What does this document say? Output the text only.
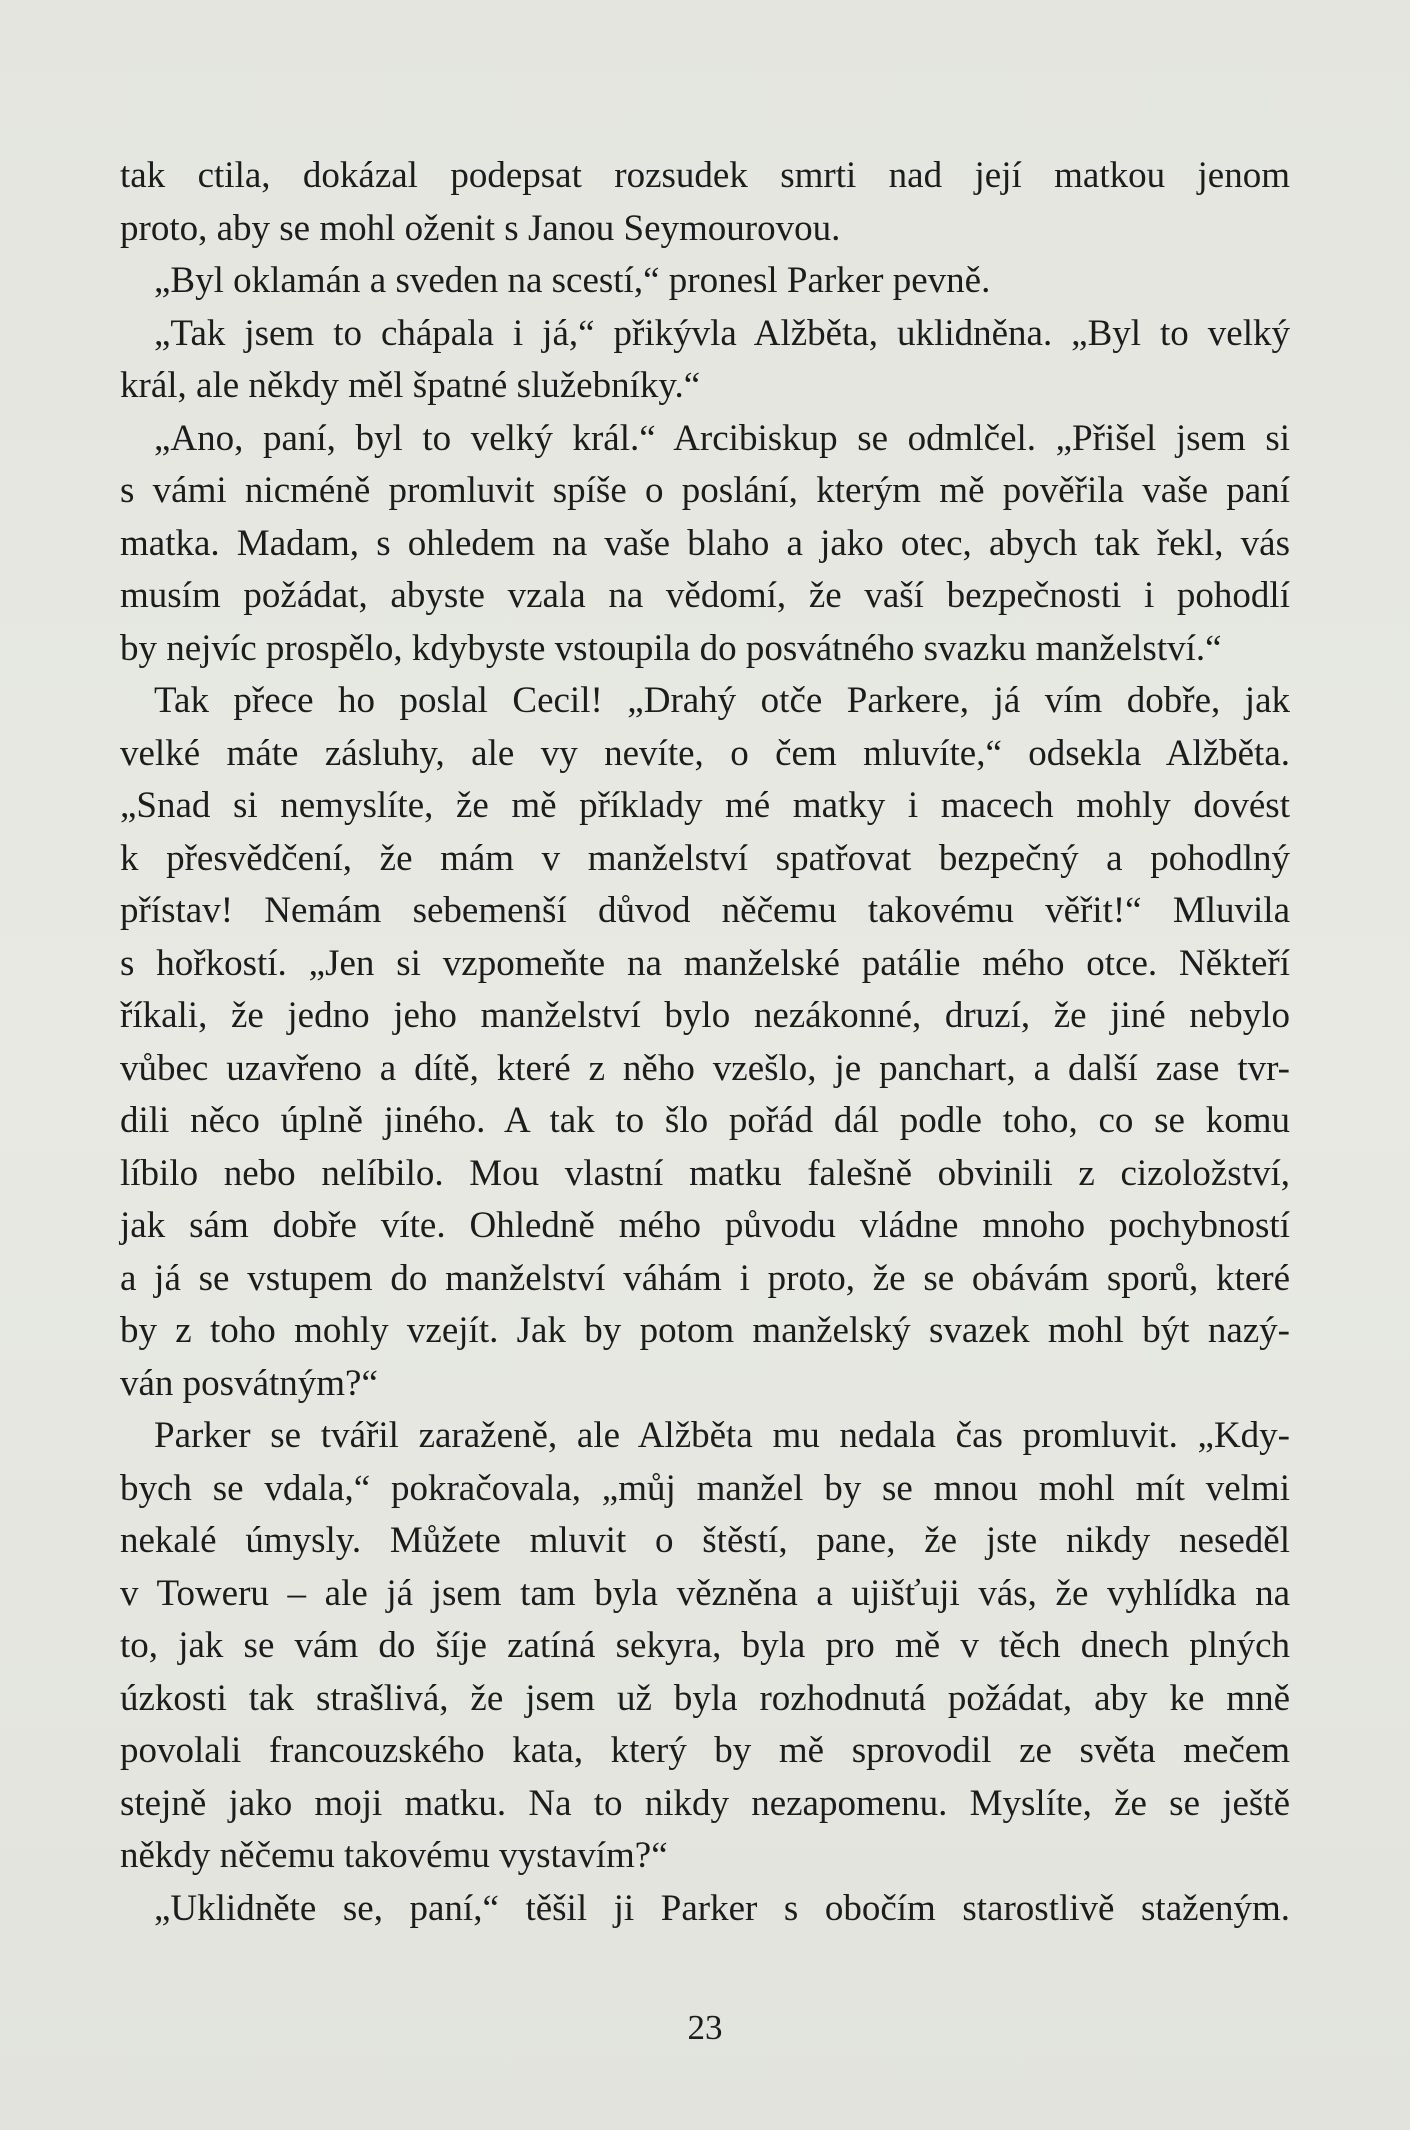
tak ctila, dokázal podepsat rozsudek smrti nad její matkou jenom
proto, aby se mohl oženit s Janou Seymourovou.
„Byl oklamán a sveden na scestí,“ pronesl Parker pevně.
„Tak jsem to chápala i já,“ přikývla Alžběta, uklidněna. „Byl to velký
král, ale někdy měl špatné služebníky.“
„Ano, paní, byl to velký král.“ Arcibiskup se odmlčel. „Přišel jsem si
s vámi nicméně promluvit spíše o poslání, kterým mě pověřila vaše paní
matka. Madam, s ohledem na vaše blaho a jako otec, abych tak řekl, vás
musím požádat, abyste vzala na vědomí, že vaší bezpečnosti i pohodlí
by nejvíc prospělo, kdybyste vstoupila do posvátného svazku manželství.“
Tak přece ho poslal Cecil! „Drahý otče Parkere, já vím dobře, jak
velké máte zásluhy, ale vy nevíte, o čem mluvíte,“ odsekla Alžběta.
„Snad si nemyslíte, že mě příklady mé matky i macech mohly dovést
k přesvědčení, že mám v manželství spatřovat bezpečný a pohodlný
přístav! Nemám sebemenší důvod něčemu takovému věřit!“ Mluvila
s hořkostí. „Jen si vzpomeňte na manželské patálie mého otce. Někteří
říkali, že jedno jeho manželství bylo nezákonné, druzí, že jiné nebylo
vůbec uzavřeno a dítě, které z něho vzešlo, je panchart, a další zase tvr-
dili něco úplně jiného. A tak to šlo pořád dál podle toho, co se komu
líbilo nebo nelíbilo. Mou vlastní matku falešně obvinili z cizoložství,
jak sám dobře víte. Ohledně mého původu vládne mnoho pochybností
a já se vstupem do manželství váhám i proto, že se obávám sporů, které
by z toho mohly vzejít. Jak by potom manželský svazek mohl být nazý-
ván posvátným?“
Parker se tvářil zaraženě, ale Alžběta mu nedala čas promluvit. „Kdy-
bych se vdala,“ pokračovala, „můj manžel by se mnou mohl mít velmi
nekalé úmysly. Můžete mluvit o štěstí, pane, že jste nikdy neseděl
v Toweru – ale já jsem tam byla vězněna a ujišťuji vás, že vyhlídka na
to, jak se vám do šíje zatíná sekyra, byla pro mě v těch dnech plných
úzkosti tak strašlivá, že jsem už byla rozhodnutá požádat, aby ke mně
povolali francouzského kata, který by mě sprovodil ze světa mečem
stejně jako moji matku. Na to nikdy nezapomenu. Myslíte, že se ještě
někdy něčemu takovému vystavím?“
„Uklidněte se, paní,“ těšil ji Parker s obočím starostlivě staženým.
23
